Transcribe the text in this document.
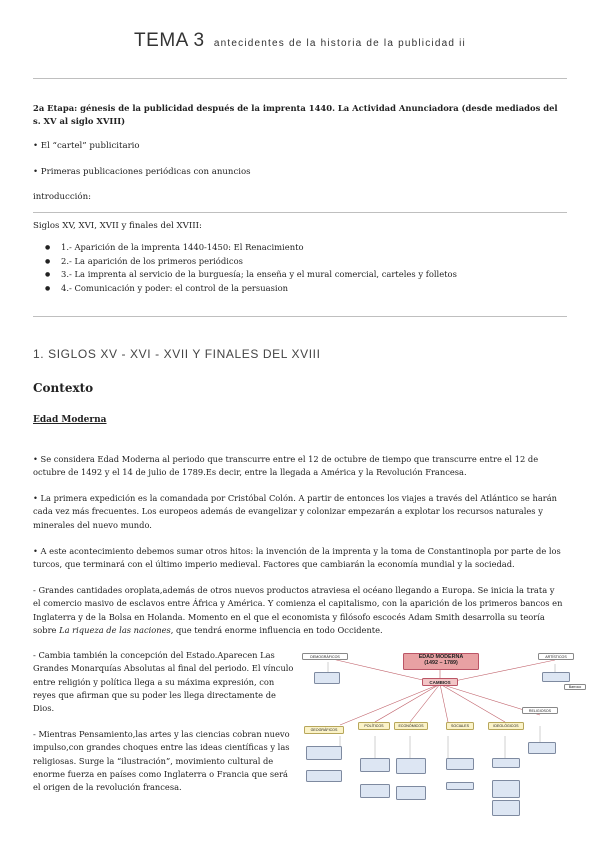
TEMA 3 antecidentes de la historia de la publicidad ii
2a Etapa: génesis de la publicidad después de la imprenta 1440. La Actividad Anunciadora (desde mediados del s. XV al siglo XVIII)
• El “cartel” publicitario
• Primeras publicaciones periódicas con anuncios
introducción:
Siglos XV, XVI, XVII y finales del XVIII:
● 1.- Aparición de la imprenta 1440-1450: El Renacimiento
● 2.- La aparición de los primeros periódicos
● 3.- La imprenta al servicio de la burguesía; la enseña y el mural comercial, carteles y folletos
● 4.- Comunicación y poder: el control de la persuasion
1. SIGLOS XV - XVI - XVII Y FINALES DEL XVIII
Contexto
Edad Moderna
• Se considera Edad Moderna al periodo que transcurre entre el 12 de octubre de tiempo que transcurre entre el 12 de octubre de 1492 y el 14 de julio de 1789.Es decir, entre la llegada a América y la Revolución Francesa.
• La primera expedición es la comandada por Cristóbal Colón. A partir de entonces los viajes a través del Atlántico se harán cada vez más frecuentes. Los europeos además de evangelizar y colonizar empezarán a explotar los recursos naturales y minerales del nuevo mundo.
• A este acontecimiento debemos sumar otros hitos: la invención de la imprenta y la toma de Constantinopla por parte de los turcos, que terminará con el último imperio medieval. Factores que cambiarán la economía mundial y la sociedad.
- Grandes cantidades oroplata,además de otros nuevos productos atraviesa el océano llegando a Europa. Se inicia la trata y el comercio masivo de esclavos entre África y América. Y comienza el capitalismo, con la aparición de los primeros bancos en Inglaterra y de la Bolsa en Holanda. Momento en el que el economista y filósofo escocés Adam Smith desarrolla su teoría sobre La riqueza de las naciones, que tendrá enorme influencia en todo Occidente.
- Cambia también la concepción del Estado.Aparecen Las Grandes Monarquías Absolutas al final del periodo. El vínculo entre religión y política llega a su máxima expresión, con reyes que afirman que su poder les llega directamente de Dios.
- Mientras Pensamiento,las artes y las ciencias cobran nuevo impulso,con grandes choques entre las ideas científicas y las religiosas. Surge la “ilustración”, movimiento cultural de enorme fuerza en países como Inglaterra o Francia que será el origen de la revolución francesa.
EDAD MODERNA
(1492 – 1789)
CAMBIOS
DEMOGRÁFICOS	ARTÍSTICOS
Barroco
RELIGIOSOS
GEOGRÁFICOS
POLÍTICOS	ECONÓMICOS	SOCIALES	IDEOLÓGICOS
